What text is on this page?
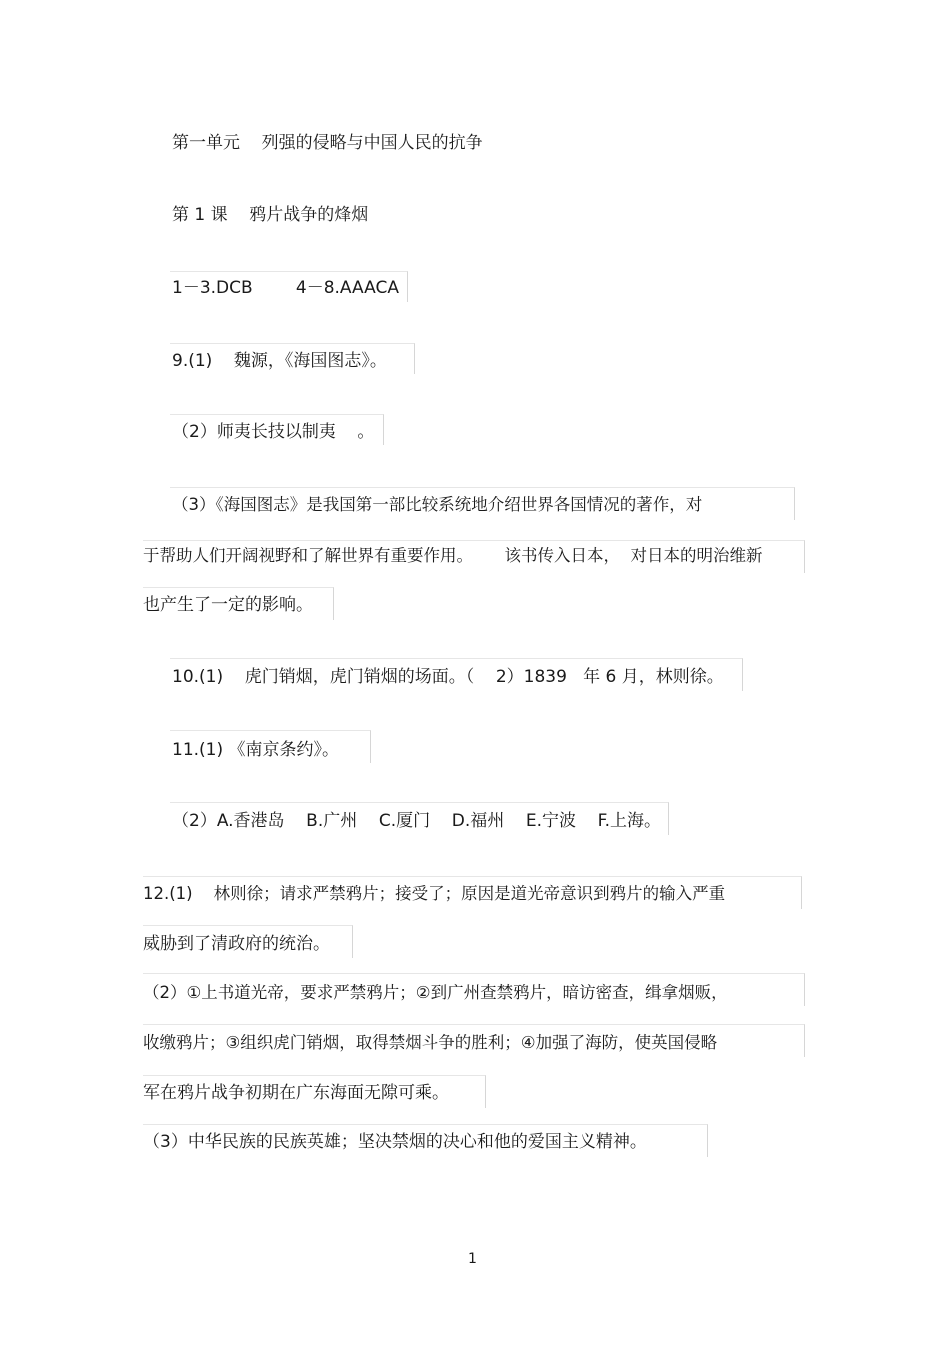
第一单元    列强的侵略与中国人民的抗争
第 1 课    鸦片战争的烽烟
1－3.DCB        4－8.AAACA
9.(1)    魏源，《海国图志》。
（2）师夷长技以制夷    。
（3）《海国图志》是我国第一部比较系统地介绍世界各国情况的著作，对
于帮助人们开阔视野和了解世界有重要作用。      该书传入日本，  对日本的明治维新
也产生了一定的影响。
10.(1)    虎门销烟，虎门销烟的场面。（    2）1839   年 6 月，林则徐。
11.(1) 《南京条约》。
（2）A.香港岛    B.广州    C.厦门    D.福州    E.宁波    F.上海。
12.(1)    林则徐；请求严禁鸦片；接受了；原因是道光帝意识到鸦片的输入严重
威胁到了清政府的统治。
（2）①上书道光帝，要求严禁鸦片；②到广州查禁鸦片，暗访密查，缉拿烟贩，
收缴鸦片；③组织虎门销烟，取得禁烟斗争的胜利；④加强了海防，使英国侵略
军在鸦片战争初期在广东海面无隙可乘。
（3）中华民族的民族英雄；坚决禁烟的决心和他的爱国主义精神。
1
